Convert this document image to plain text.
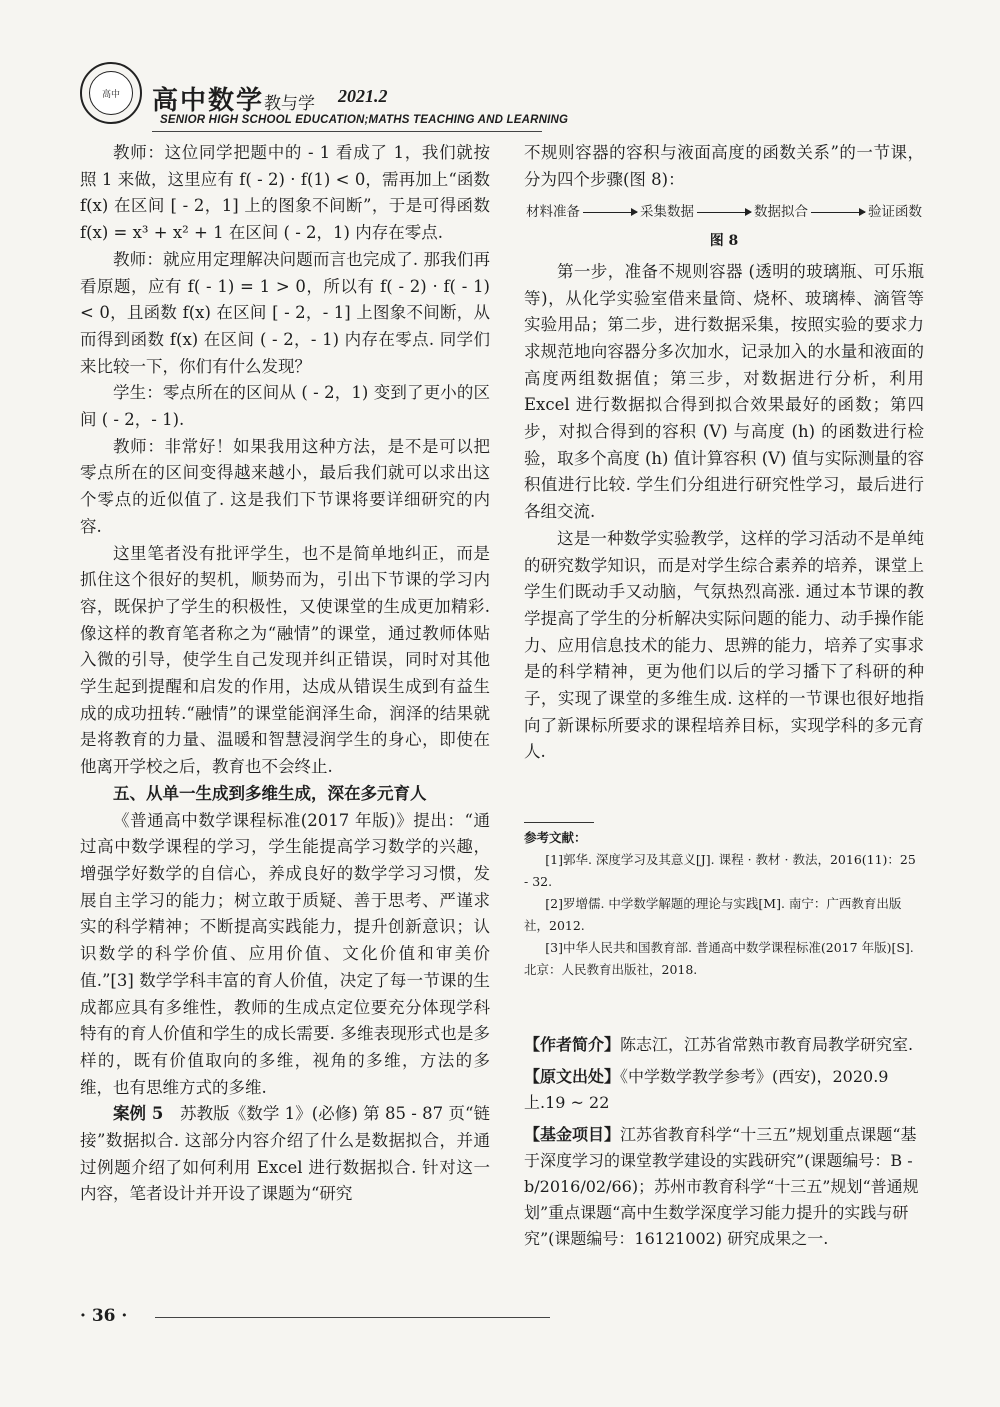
高中 高中数学教与学 2021.2
SENIOR HIGH SCHOOL EDUCATION;MATHS TEACHING AND LEARNING

教师：这位同学把题中的 - 1 看成了 1，我们就按照 1 来做，这里应有 f( - 2) · f(1) < 0，需再加上“函数 f(x) 在区间 [ - 2，1] 上的图象不间断”，于是可得函数 f(x) = x³ + x² + 1 在区间 ( - 2，1) 内存在零点.

教师：就应用定理解决问题而言也完成了. 那我们再看原题，应有 f( - 1) = 1 > 0，所以有 f( - 2) · f( - 1) < 0，且函数 f(x) 在区间 [ - 2，- 1] 上图象不间断，从而得到函数 f(x) 在区间 ( - 2，- 1) 内存在零点. 同学们来比较一下，你们有什么发现？

学生：零点所在的区间从 ( - 2，1) 变到了更小的区间 ( - 2，- 1).

教师：非常好！如果我用这种方法，是不是可以把零点所在的区间变得越来越小，最后我们就可以求出这个零点的近似值了. 这是我们下节课将要详细研究的内容.

这里笔者没有批评学生，也不是简单地纠正，而是抓住这个很好的契机，顺势而为，引出下节课的学习内容，既保护了学生的积极性，又使课堂的生成更加精彩. 像这样的教育笔者称之为“融情”的课堂，通过教师体贴入微的引导，使学生自己发现并纠正错误，同时对其他学生起到提醒和启发的作用，达成从错误生成到有益生成的成功扭转.“融情”的课堂能润泽生命，润泽的结果就是将教育的力量、温暖和智慧浸润学生的身心，即使在他离开学校之后，教育也不会终止.

五、从单一生成到多维生成，深在多元育人

《普通高中数学课程标准(2017 年版)》提出：“通过高中数学课程的学习，学生能提高学习数学的兴趣，增强学好数学的自信心，养成良好的数学学习习惯，发展自主学习的能力；树立敢于质疑、善于思考、严谨求实的科学精神；不断提高实践能力，提升创新意识；认识数学的科学价值、应用价值、文化价值和审美价值.”[3] 数学学科丰富的育人价值，决定了每一节课的生成都应具有多维性，教师的生成点定位要充分体现学科特有的育人价值和学生的成长需要. 多维表现形式也是多样的，既有价值取向的多维，视角的多维，方法的多维，也有思维方式的多维.

案例 5　 苏教版《数学 1》(必修) 第 85 - 87 页“链接”数据拟合. 这部分内容介绍了什么是数据拟合，并通过例题介绍了如何利用 Excel 进行数据拟合. 针对这一内容，笔者设计并开设了课题为“研究

不规则容器的容积与液面高度的函数关系”的一节课，分为四个步骤(图 8)：

材料准备	采集数据	数据拟合	验证函数
图 8

第一步，准备不规则容器 (透明的玻璃瓶、可乐瓶等)，从化学实验室借来量筒、烧杯、玻璃棒、滴管等实验用品；第二步，进行数据采集，按照实验的要求力求规范地向容器分多次加水，记录加入的水量和液面的高度两组数据值；第三步，对数据进行分析，利用 Excel 进行数据拟合得到拟合效果最好的函数；第四步，对拟合得到的容积 (V) 与高度 (h) 的函数进行检验，取多个高度 (h) 值计算容积 (V) 值与实际测量的容积值进行比较. 学生们分组进行研究性学习，最后进行各组交流.

这是一种数学实验教学，这样的学习活动不是单纯的研究数学知识，而是对学生综合素养的培养，课堂上学生们既动手又动脑，气氛热烈高涨. 通过本节课的教学提高了学生的分析解决实际问题的能力、动手操作能力、应用信息技术的能力、思辨的能力，培养了实事求是的科学精神，更为他们以后的学习播下了科研的种子，实现了课堂的多维生成. 这样的一节课也很好地指向了新课标所要求的课程培养目标，实现学科的多元育人.

参考文献：

[1]郭华. 深度学习及其意义[J]. 课程 · 教材 · 教法，2016(11)：25 - 32.

[2]罗增儒. 中学数学解题的理论与实践[M]. 南宁：广西教育出版社，2012.

[3]中华人民共和国教育部. 普通高中数学课程标准(2017 年版)[S]. 北京：人民教育出版社，2018.

【作者简介】陈志江，江苏省常熟市教育局教学研究室.

【原文出处】《中学数学教学参考》(西安)，2020.9 上.19 ~ 22

【基金项目】江苏省教育科学“十三五”规划重点课题“基于深度学习的课堂教学建设的实践研究”(课题编号：B - b/2016/02/66)；苏州市教育科学“十三五”规划“普通规划”重点课题“高中生数学深度学习能力提升的实践与研究”(课题编号：16121002) 研究成果之一.

· 36 ·
